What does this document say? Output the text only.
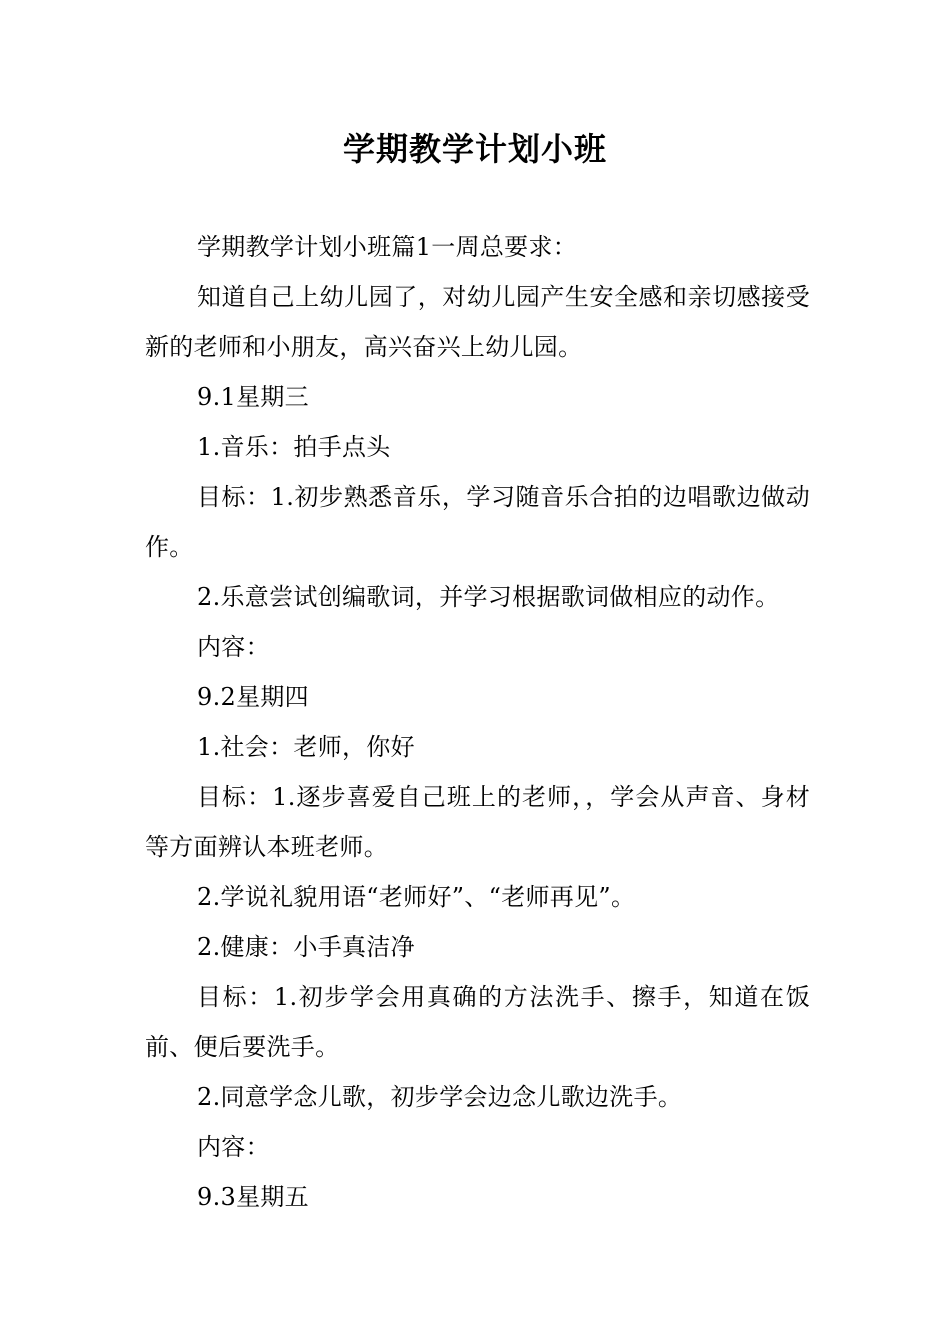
学期教学计划小班

学期教学计划小班篇1一周总要求：

知道自己上幼儿园了，对幼儿园产生安全感和亲切感接受新的老师和小朋友，高兴奋兴上幼儿园。

9.1星期三

1.音乐：拍手点头

目标：1.初步熟悉音乐，学习随音乐合拍的边唱歌边做动作。

2.乐意尝试创编歌词，并学习根据歌词做相应的动作。

内容：

9.2星期四

1.社会：老师，你好

目标：1.逐步喜爱自己班上的老师，，学会从声音、身材等方面辨认本班老师。

2.学说礼貌用语“老师好”、“老师再见”。

2.健康：小手真洁净

目标：1.初步学会用真确的方法洗手、擦手，知道在饭前、便后要洗手。

2.同意学念儿歌，初步学会边念儿歌边洗手。

内容：

9.3星期五
